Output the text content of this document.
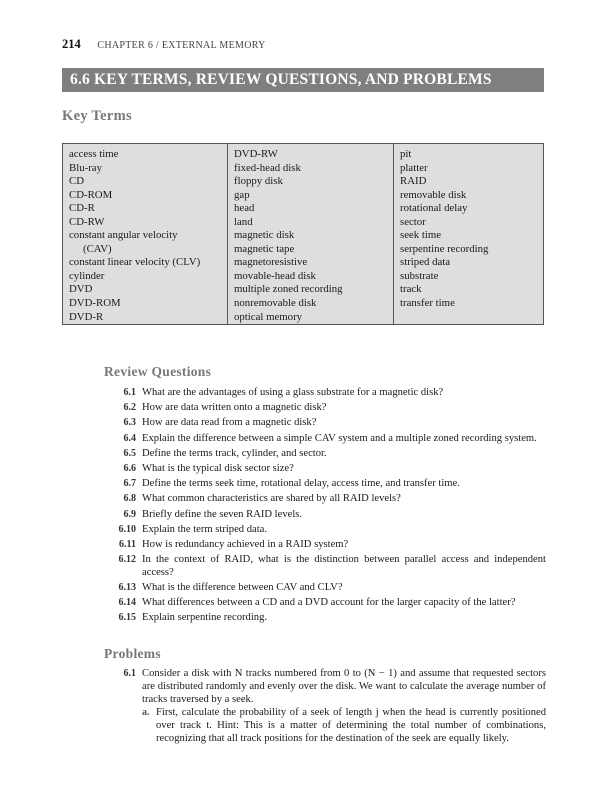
214 CHAPTER 6 / EXTERNAL MEMORY
6.6 KEY TERMS, REVIEW QUESTIONS, AND PROBLEMS
Key Terms
access time
Blu-ray
CD
CD-ROM
CD-R
CD-RW
constant angular velocity
(CAV)
constant linear velocity (CLV)
cylinder
DVD
DVD-ROM
DVD-R
DVD-RW
fixed-head disk
floppy disk
gap
head
land
magnetic disk
magnetic tape
magnetoresistive
movable-head disk
multiple zoned recording
nonremovable disk
optical memory
pit
platter
RAID
removable disk
rotational delay
sector
seek time
serpentine recording
striped data
substrate
track
transfer time
Review Questions
6.1 What are the advantages of using a glass substrate for a magnetic disk?
6.2 How are data written onto a magnetic disk?
6.3 How are data read from a magnetic disk?
6.4 Explain the difference between a simple CAV system and a multiple zoned recording system.
6.5 Define the terms track, cylinder, and sector.
6.6 What is the typical disk sector size?
6.7 Define the terms seek time, rotational delay, access time, and transfer time.
6.8 What common characteristics are shared by all RAID levels?
6.9 Briefly define the seven RAID levels.
6.10 Explain the term striped data.
6.11 How is redundancy achieved in a RAID system?
6.12 In the context of RAID, what is the distinction between parallel access and independent access?
6.13 What is the difference between CAV and CLV?
6.14 What differences between a CD and a DVD account for the larger capacity of the latter?
6.15 Explain serpentine recording.
Problems
6.1 Consider a disk with N tracks numbered from 0 to (N − 1) and assume that requested sectors are distributed randomly and evenly over the disk. We want to calculate the average number of tracks traversed by a seek.
a. First, calculate the probability of a seek of length j when the head is currently positioned over track t. Hint: This is a matter of determining the total number of combinations, recognizing that all track positions for the destination of the seek are equally likely.
